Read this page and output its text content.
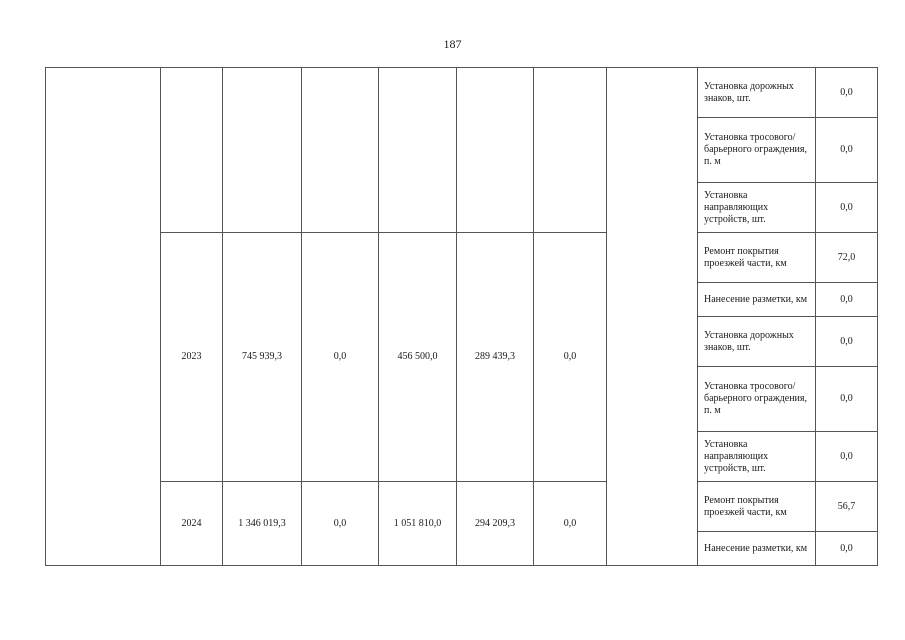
187
								Установка дорожных знаков, шт.	0,0
								Установка тросового/барьерного ограждения, п. м	0,0
								Установка направляющих устройств, шт.	0,0
	2023	745 939,3	0,0	456 500,0	289 439,3	0,0		Ремонт покрытия проезжей части, км	72,0
								Нанесение разметки, км	0,0
								Установка дорожных знаков, шт.	0,0
								Установка тросового/барьерного ограждения, п. м	0,0
								Установка направляющих устройств, шт.	0,0
	2024	1 346 019,3	0,0	1 051 810,0	294 209,3	0,0		Ремонт покрытия проезжей части, км	56,7
								Нанесение разметки, км	0,0
